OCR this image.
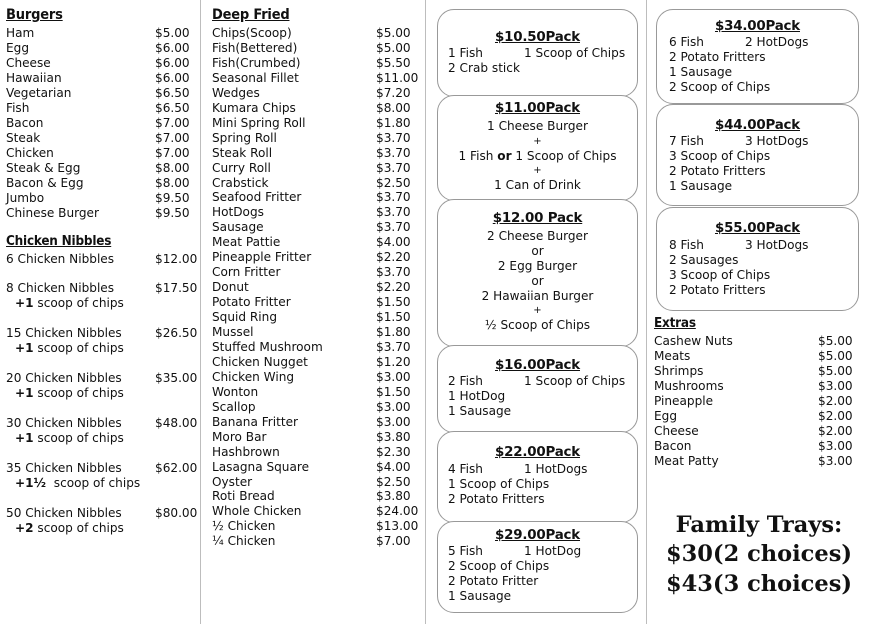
Burgers
Ham	$5.00
Egg	$6.00
Cheese	$6.00
Hawaiian	$6.00
Vegetarian	$6.50
Fish	$6.50
Bacon	$7.00
Steak	$7.00
Chicken	$7.00
Steak & Egg	$8.00
Bacon & Egg	$8.00
Jumbo	$9.50
Chinese Burger	$9.50
Chicken Nibbles
6 Chicken Nibbles	$12.00
8 Chicken Nibbles	$17.50
+1 scoop of chips
15 Chicken Nibbles	$26.50
+1 scoop of chips
20 Chicken Nibbles	$35.00
+1 scoop of chips
30 Chicken Nibbles	$48.00
+1 scoop of chips
35 Chicken Nibbles	$62.00
+1½  scoop of chips
50 Chicken Nibbles	$80.00
+2 scoop of chips
Deep Fried
Chips(Scoop)	$5.00
Fish(Bettered)	$5.00
Fish(Crumbed)	$5.50
Seasonal Fillet	$11.00
Wedges	$7.20
Kumara Chips	$8.00
Mini Spring Roll	$1.80
Spring Roll	$3.70
Steak Roll	$3.70
Curry Roll	$3.70
Crabstick	$2.50
Seafood Fritter	$3.70
HotDogs	$3.70
Sausage	$3.70
Meat Pattie	$4.00
Pineapple Fritter	$2.20
Corn Fritter	$3.70
Donut	$2.20
Potato Fritter	$1.50
Squid Ring	$1.50
Mussel	$1.80
Stuffed Mushroom	$3.70
Chicken Nugget	$1.20
Chicken Wing	$3.00
Wonton	$1.50
Scallop	$3.00
Banana Fritter	$3.00
Moro Bar	$3.80
Hashbrown	$2.30
Lasagna Square	$4.00
Oyster	$2.50
Roti Bread	$3.80
Whole Chicken	$24.00
½ Chicken	$13.00
¼ Chicken	$7.00
$10.50Pack
1 Fish	1 Scoop of Chips
2 Crab stick
$11.00Pack
1 Cheese Burger
+
1 Fish or 1 Scoop of Chips
+
1 Can of Drink
$12.00 Pack
2 Cheese Burger
or
2 Egg Burger
or
2 Hawaiian Burger
+
½ Scoop of Chips
$16.00Pack
2 Fish	1 Scoop of Chips
1 HotDog
1 Sausage
$22.00Pack
4 Fish	1 HotDogs
1 Scoop of Chips
2 Potato Fritters
$29.00Pack
5 Fish	1 HotDog
2 Scoop of Chips
2 Potato Fritter
1 Sausage
$34.00Pack
6 Fish	2 HotDogs
2 Potato Fritters
1 Sausage
2 Scoop of Chips
$44.00Pack
7 Fish	3 HotDogs
3 Scoop of Chips
2 Potato Fritters
1 Sausage
$55.00Pack
8 Fish	3 HotDogs
2 Sausages
3 Scoop of Chips
2 Potato Fritters
Extras
Cashew Nuts	$5.00
Meats	$5.00
Shrimps	$5.00
Mushrooms	$3.00
Pineapple	$2.00
Egg	$2.00
Cheese	$2.00
Bacon	$3.00
Meat Patty	$3.00
Family Trays:
$30(2 choices)
$43(3 choices)
